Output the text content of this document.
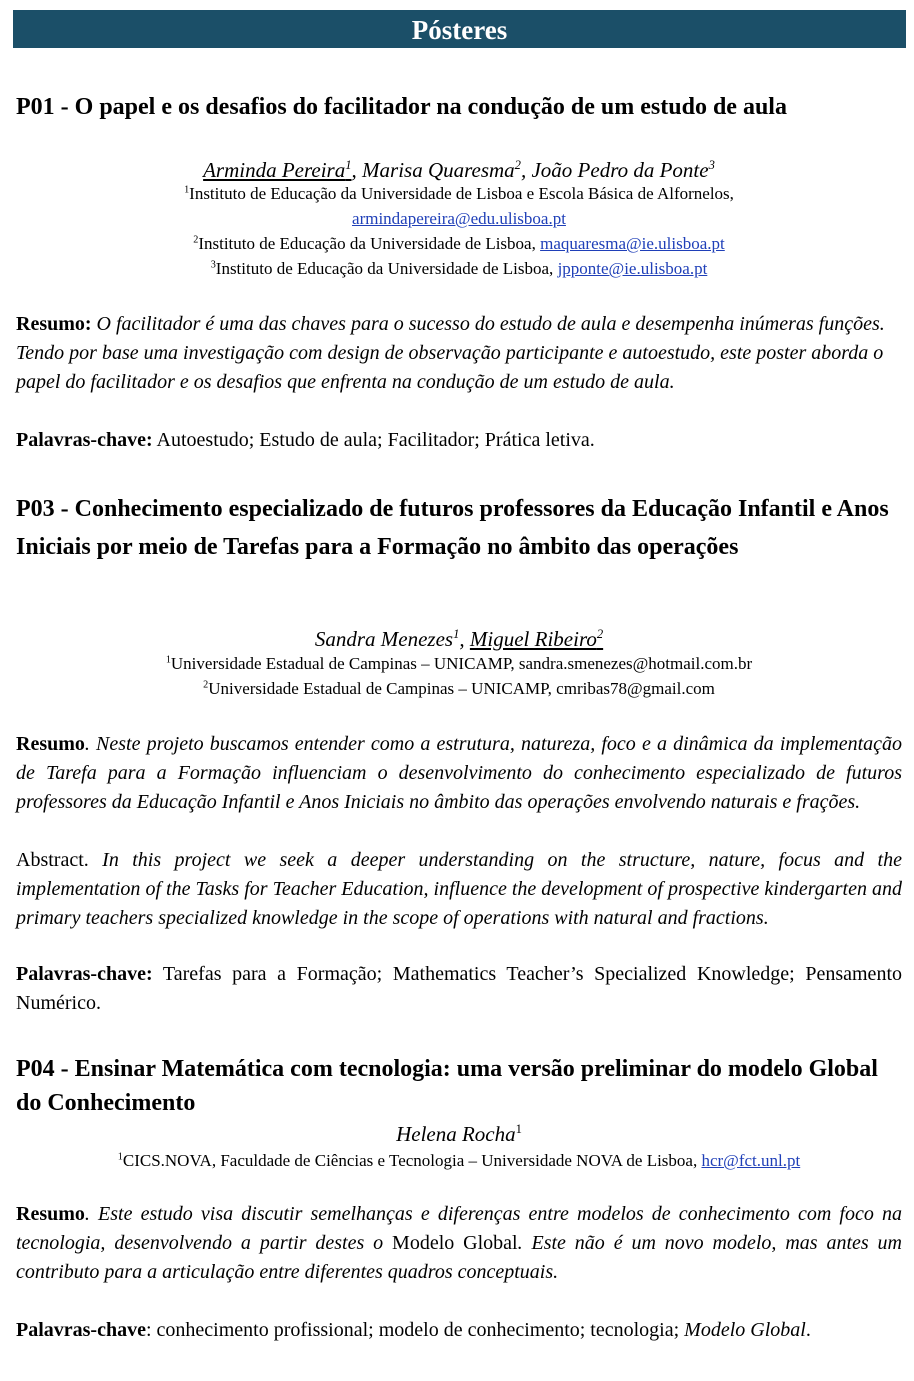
Pósteres
P01 - O papel e os desafios do facilitador na condução de um estudo de aula
Arminda Pereira$^1$, Marisa Quaresma$^2$, João Pedro da Ponte$^3$
$^1$Instituto de Educação da Universidade de Lisboa e Escola Básica de Alfornelos,
armindapereira@edu.ulisboa.pt
$^2$Instituto de Educação da Universidade de Lisboa, maquaresma@ie.ulisboa.pt
$^3$Instituto de Educação da Universidade de Lisboa, jpponte@ie.ulisboa.pt
Resumo: O facilitador é uma das chaves para o sucesso do estudo de aula e desempenha inúmeras funções. Tendo por base uma investigação com design de observação participante e autoestudo, este poster aborda o papel do facilitador e os desafios que enfrenta na condução de um estudo de aula.
Palavras-chave: Autoestudo; Estudo de aula; Facilitador; Prática letiva.
P03 - Conhecimento especializado de futuros professores da Educação Infantil e Anos Iniciais por meio de Tarefas para a Formação no âmbito das operações
Sandra Menezes$^1$, Miguel Ribeiro$^2$
$^1$Universidade Estadual de Campinas – UNICAMP, sandra.smenezes@hotmail.com.br
$^2$Universidade Estadual de Campinas – UNICAMP, cmribas78@gmail.com
Resumo. Neste projeto buscamos entender como a estrutura, natureza, foco e a dinâmica da implementação de Tarefa para a Formação influenciam o desenvolvimento do conhecimento especializado de futuros professores da Educação Infantil e Anos Iniciais no âmbito das operações envolvendo naturais e frações.
Abstract. In this project we seek a deeper understanding on the structure, nature, focus and the implementation of the Tasks for Teacher Education, influence the development of prospective kindergarten and primary teachers specialized knowledge in the scope of operations with natural and fractions.
Palavras-chave: Tarefas para a Formação; Mathematics Teacher’s Specialized Knowledge; Pensamento Numérico.
P04 - Ensinar Matemática com tecnologia: uma versão preliminar do modelo Global do Conhecimento
Helena Rocha$^1$
$^1$CICS.NOVA, Faculdade de Ciências e Tecnologia – Universidade NOVA de Lisboa, hcr@fct.unl.pt
Resumo. Este estudo visa discutir semelhanças e diferenças entre modelos de conhecimento com foco na tecnologia, desenvolvendo a partir destes o Modelo Global. Este não é um novo modelo, mas antes um contributo para a articulação entre diferentes quadros conceptuais.
Palavras-chave: conhecimento profissional; modelo de conhecimento; tecnologia; Modelo Global.
